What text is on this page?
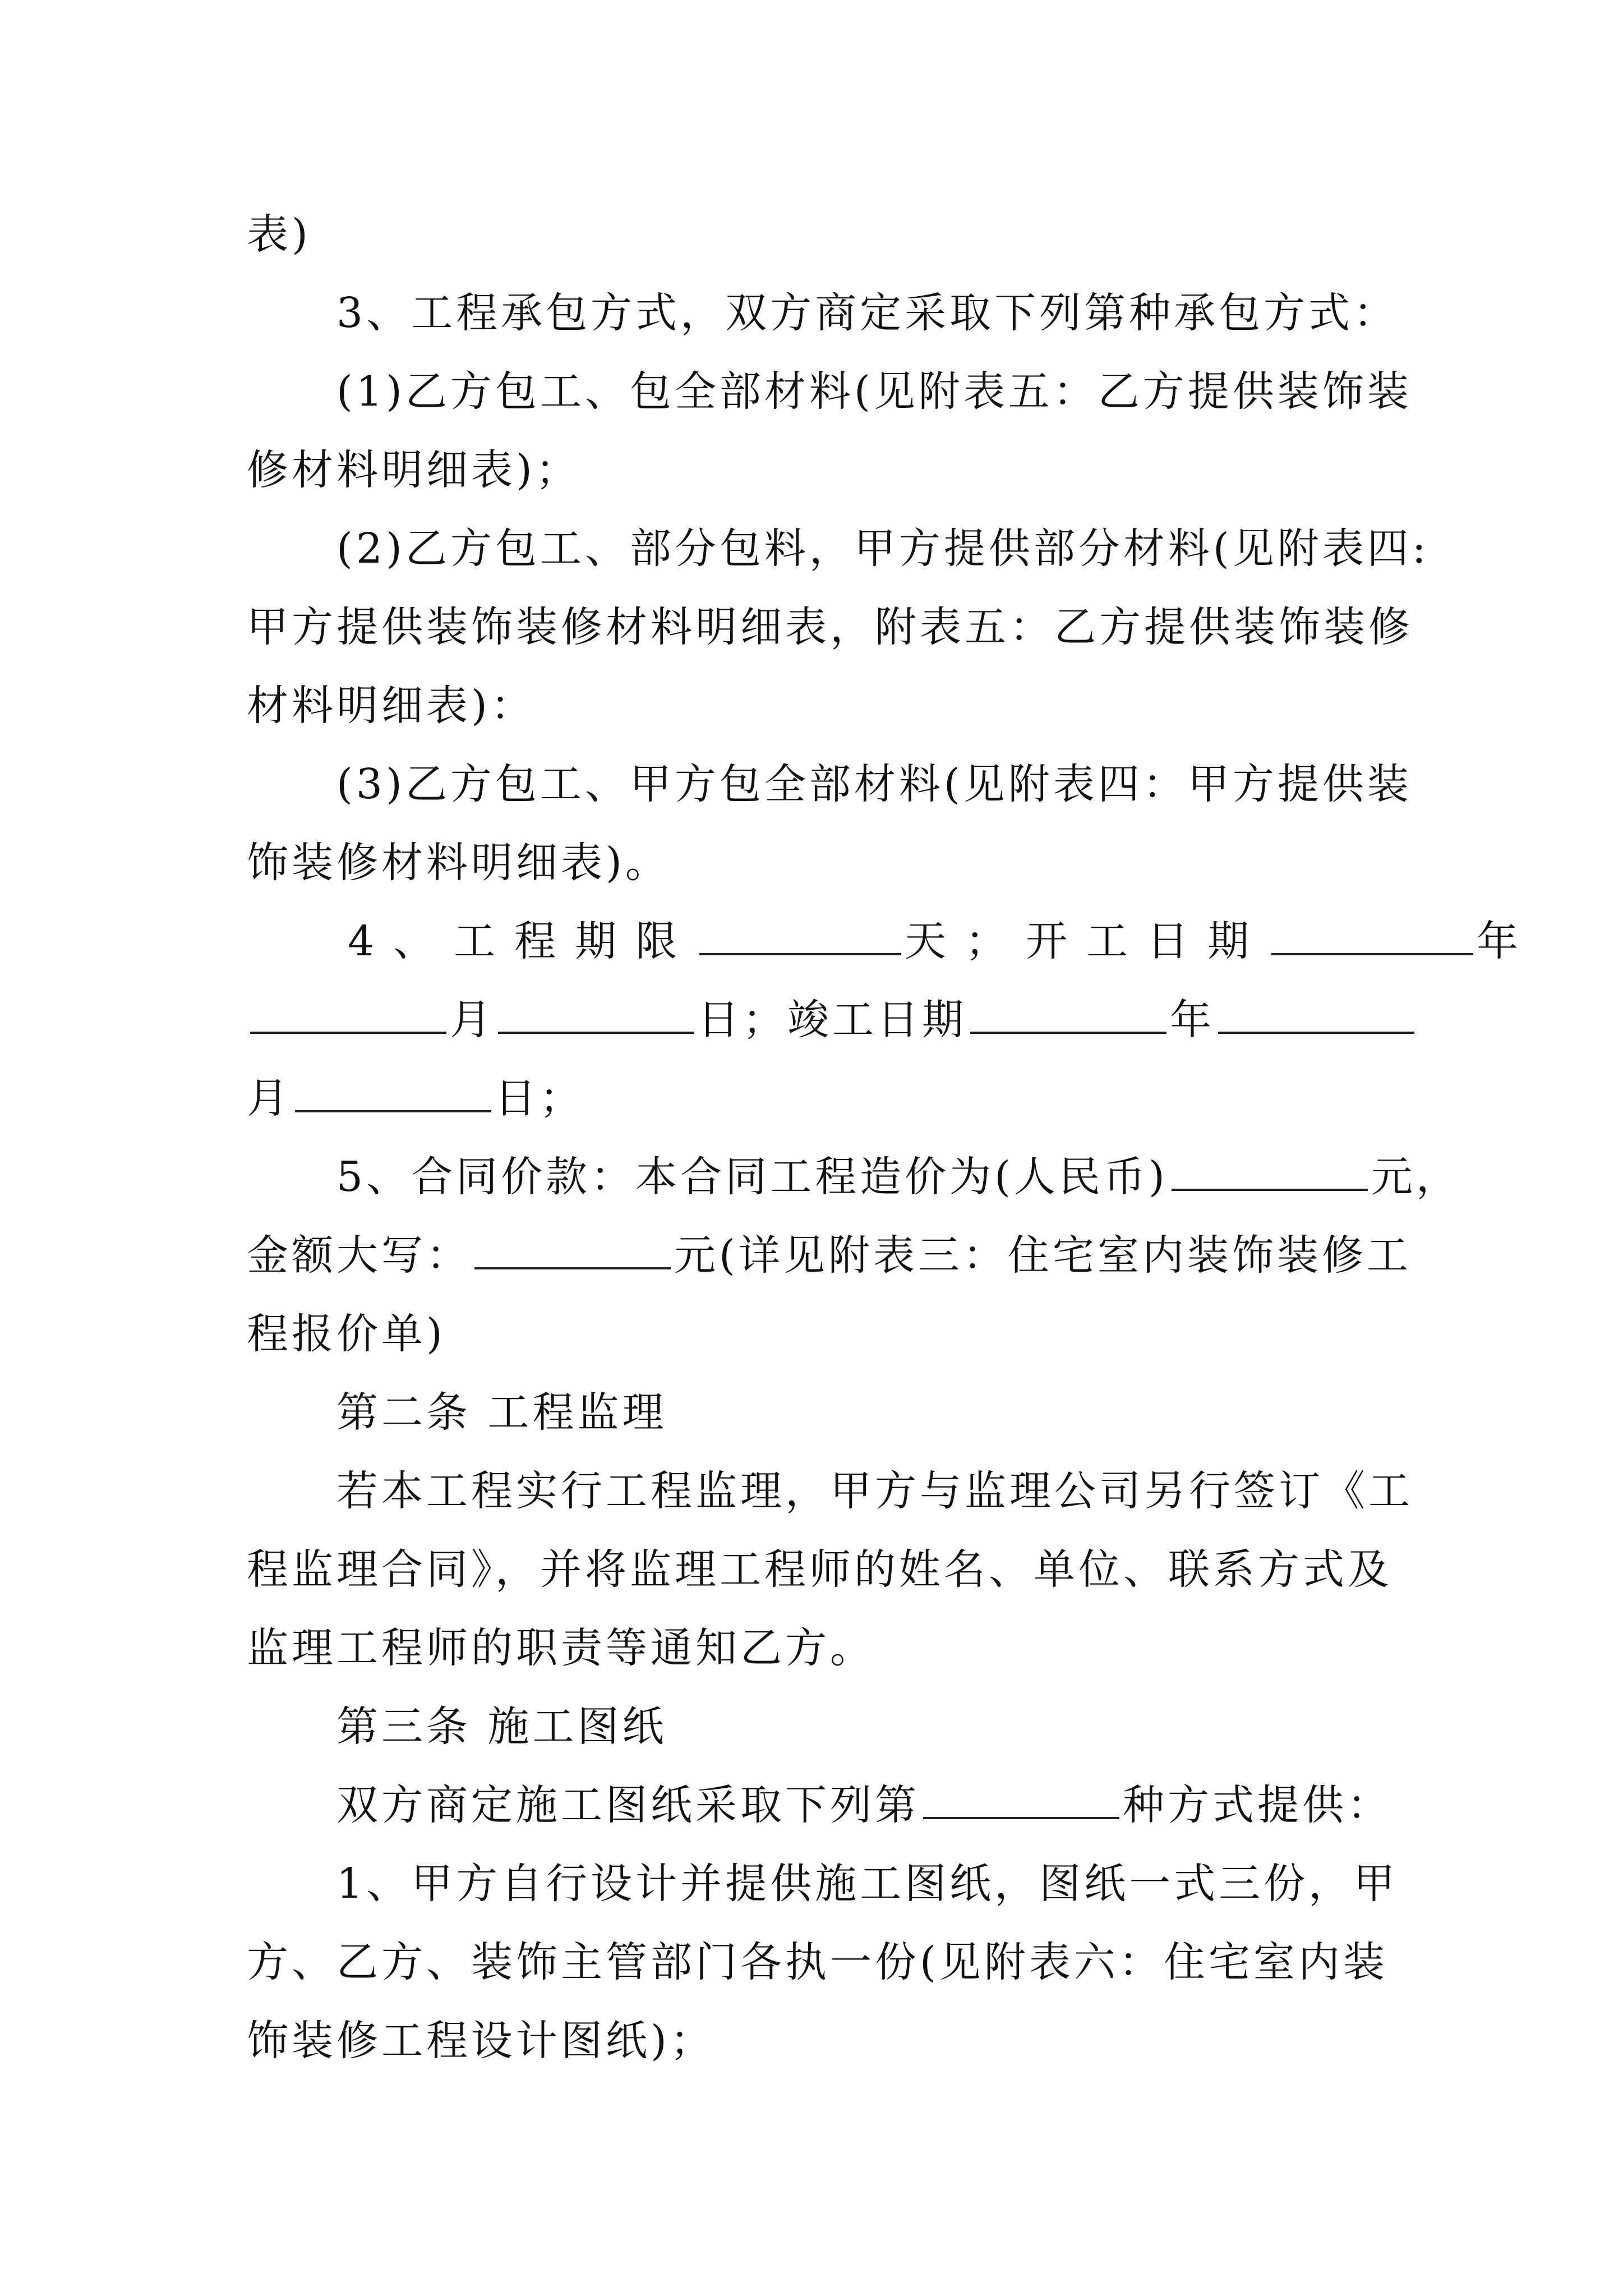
表)
3、工程承包方式，双方商定采取下列第种承包方式：
(1)乙方包工、包全部材料(见附表五：乙方提供装饰装
修材料明细表)；
(2)乙方包工、部分包料，甲方提供部分材料(见附表四:
甲方提供装饰装修材料明细表，附表五：乙方提供装饰装修
材料明细表)：
(3)乙方包工、甲方包全部材料(见附表四：甲方提供装
饰装修材料明细表)。
4、工程期限	天；开工日期	年
月	日；竣工日期	年
月	日；
5、合同价款：本合同工程造价为(人民币)	元，
金额大写：	元(详见附表三：住宅室内装饰装修工
程报价单)
第二条 工程监理
若本工程实行工程监理，甲方与监理公司另行签订《工
程监理合同》，并将监理工程师的姓名、单位、联系方式及
监理工程师的职责等通知乙方。
第三条 施工图纸
双方商定施工图纸采取下列第	种方式提供：
1、甲方自行设计并提供施工图纸，图纸一式三份，甲
方、乙方、装饰主管部门各执一份(见附表六：住宅室内装
饰装修工程设计图纸)；
